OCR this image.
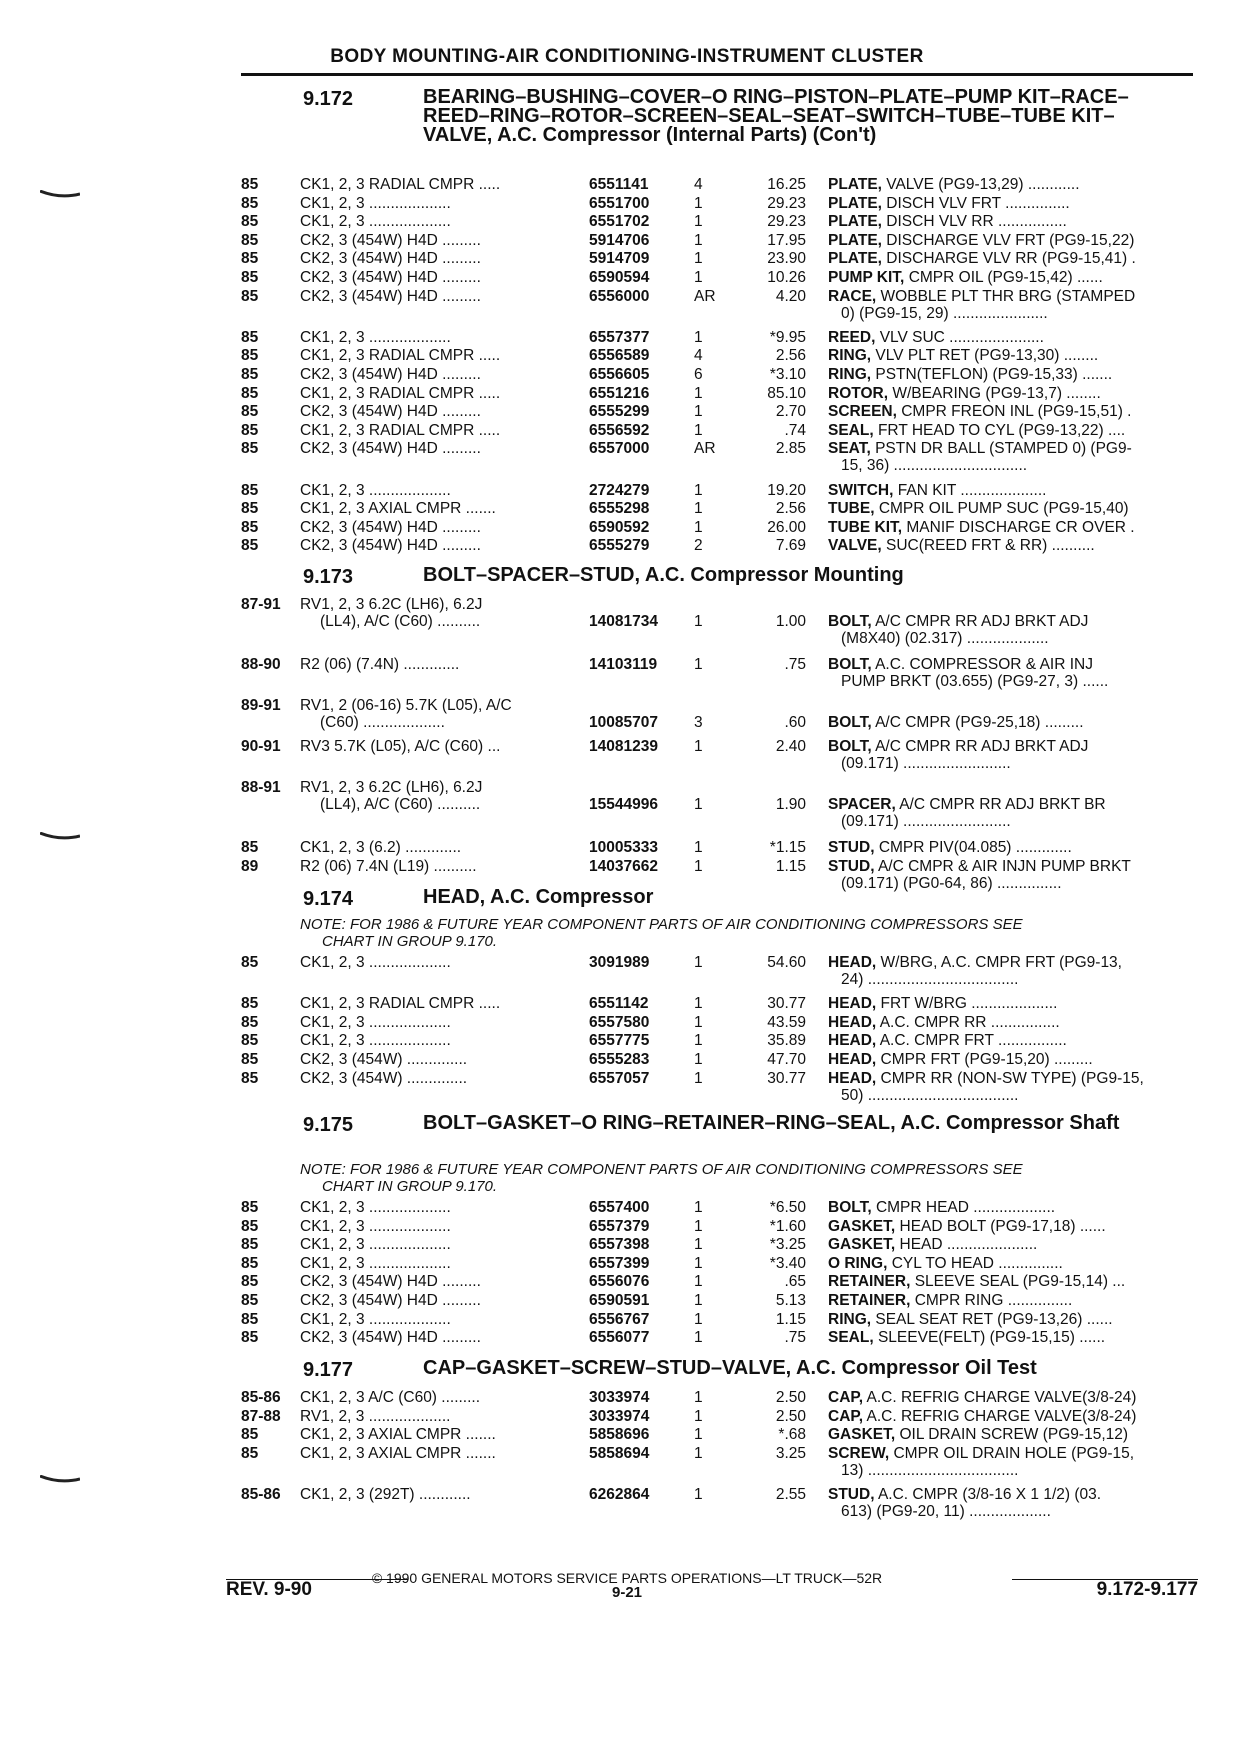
BODY MOUNTING-AIR CONDITIONING-INSTRUMENT CLUSTER
9.172	BEARING–BUSHING–COVER–O RING–PISTON–PLATE–PUMP KIT–RACE–REED–RING–ROTOR–SCREEN–SEAL–SEAT–SWITCH–TUBE–TUBE KIT–VALVE, A.C. Compressor (Internal Parts) (Con't)
85	CK1, 2, 3 RADIAL CMPR .....	6551141	4	16.25 PLATE, VALVE (PG9-13,29) ............
85	CK1, 2, 3 ...................	6551700	1	29.23 PLATE, DISCH VLV FRT ...............
85	CK1, 2, 3 ...................	6551702	1	29.23 PLATE, DISCH VLV RR ................
85	CK2, 3 (454W) H4D .........	5914706	1	17.95 PLATE, DISCHARGE VLV FRT (PG9-15,22)
85	CK2, 3 (454W) H4D .........	5914709	1	23.90 PLATE, DISCHARGE VLV RR (PG9-15,41) .
85	CK2, 3 (454W) H4D .........	6590594	1	10.26 PUMP KIT, CMPR OIL (PG9-15,42) ......
85	CK2, 3 (454W) H4D .........	6556000	AR	4.20 RACE, WOBBLE PLT THR BRG (STAMPED
0) (PG9-15, 29) ......................
85	CK1, 2, 3 ...................	6557377	1	*9.95 REED, VLV SUC ......................
85	CK1, 2, 3 RADIAL CMPR .....	6556589	4	2.56 RING, VLV PLT RET (PG9-13,30) ........
85	CK2, 3 (454W) H4D .........	6556605	6	*3.10 RING, PSTN(TEFLON) (PG9-15,33) .......
85	CK1, 2, 3 RADIAL CMPR .....	6551216	1	85.10 ROTOR, W/BEARING (PG9-13,7) ........
85	CK2, 3 (454W) H4D .........	6555299	1	2.70 SCREEN, CMPR FREON INL (PG9-15,51) .
85	CK1, 2, 3 RADIAL CMPR .....	6556592	1	.74 SEAL, FRT HEAD TO CYL (PG9-13,22) ....
85	CK2, 3 (454W) H4D .........	6557000	AR	2.85 SEAT, PSTN DR BALL (STAMPED 0) (PG9-
15, 36) ...............................
85	CK1, 2, 3 ...................	2724279	1	19.20 SWITCH, FAN KIT ....................
85	CK1, 2, 3 AXIAL CMPR .......	6555298	1	2.56 TUBE, CMPR OIL PUMP SUC (PG9-15,40)
85	CK2, 3 (454W) H4D .........	6590592	1	26.00 TUBE KIT, MANIF DISCHARGE CR OVER .
85	CK2, 3 (454W) H4D .........	6555279	2	7.69 VALVE, SUC(REED FRT & RR) ..........
9.173	BOLT–SPACER–STUD, A.C. Compressor Mounting
87-91 RV1, 2, 3 6.2C (LH6), 6.2J
(LL4), A/C (C60) ..........	14081734 1	1.00 BOLT, A/C CMPR RR ADJ BRKT ADJ
(M8X40) (02.317) ...................
88-90 R2 (06) (7.4N) .............	14103119 1	.75 BOLT, A.C. COMPRESSOR & AIR INJ
PUMP BRKT (03.655) (PG9-27, 3) ......
89-91 RV1, 2 (06-16) 5.7K (L05), A/C
(C60) ...................	10085707 3	.60 BOLT, A/C CMPR (PG9-25,18) .........
90-91 RV3 5.7K (L05), A/C (C60) ...	14081239 1	2.40 BOLT, A/C CMPR RR ADJ BRKT ADJ
(09.171) .........................
88-91 RV1, 2, 3 6.2C (LH6), 6.2J
(LL4), A/C (C60) ..........	15544996 1	1.90 SPACER, A/C CMPR RR ADJ BRKT BR
(09.171) .........................
85	CK1, 2, 3 (6.2) .............	10005333 1	*1.15 STUD, CMPR PIV(04.085) .............
89	R2 (06) 7.4N (L19) ..........	14037662 1	1.15 STUD, A/C CMPR & AIR INJN PUMP BRKT
(09.171) (PG0-64, 86) ...............
9.174	HEAD, A.C. Compressor
NOTE: FOR 1986 & FUTURE YEAR COMPONENT PARTS OF AIR CONDITIONING COMPRESSORS SEE
CHART IN GROUP 9.170.
85	CK1, 2, 3 ...................	3091989	1	54.60 HEAD, W/BRG, A.C. CMPR FRT (PG9-13,
24) ...................................
85	CK1, 2, 3 RADIAL CMPR .....	6551142	1	30.77 HEAD, FRT W/BRG ....................
85	CK1, 2, 3 ...................	6557580	1	43.59 HEAD, A.C. CMPR RR ................
85	CK1, 2, 3 ...................	6557775	1	35.89 HEAD, A.C. CMPR FRT ................
85	CK2, 3 (454W) ..............	6555283	1	47.70 HEAD, CMPR FRT (PG9-15,20) .........
85	CK2, 3 (454W) ..............	6557057	1	30.77 HEAD, CMPR RR (NON-SW TYPE) (PG9-15,
50) ...................................
9.175	BOLT–GASKET–O RING–RETAINER–RING–SEAL, A.C. Compressor Shaft
NOTE: FOR 1986 & FUTURE YEAR COMPONENT PARTS OF AIR CONDITIONING COMPRESSORS SEE
CHART IN GROUP 9.170.
85	CK1, 2, 3 ...................	6557400	1	*6.50 BOLT, CMPR HEAD ...................
85	CK1, 2, 3 ...................	6557379	1	*1.60 GASKET, HEAD BOLT (PG9-17,18) ......
85	CK1, 2, 3 ...................	6557398	1	*3.25 GASKET, HEAD .....................
85	CK1, 2, 3 ...................	6557399	1	*3.40 O RING, CYL TO HEAD ...............
85	CK2, 3 (454W) H4D .........	6556076	1	.65 RETAINER, SLEEVE SEAL (PG9-15,14) ...
85	CK2, 3 (454W) H4D .........	6590591	1	5.13 RETAINER, CMPR RING ...............
85	CK1, 2, 3 ...................	6556767	1	1.15 RING, SEAL SEAT RET (PG9-13,26) ......
85	CK2, 3 (454W) H4D .........	6556077	1	.75 SEAL, SLEEVE(FELT) (PG9-15,15) ......
9.177	CAP–GASKET–SCREW–STUD–VALVE, A.C. Compressor Oil Test
85-86 CK1, 2, 3 A/C (C60) .........	3033974	1	2.50 CAP, A.C. REFRIG CHARGE VALVE(3/8-24)
87-88 RV1, 2, 3 ...................	3033974	1	2.50 CAP, A.C. REFRIG CHARGE VALVE(3/8-24)
85	CK1, 2, 3 AXIAL CMPR .......	5858696	1	*.68 GASKET, OIL DRAIN SCREW (PG9-15,12)
85	CK1, 2, 3 AXIAL CMPR .......	5858694	1	3.25 SCREW, CMPR OIL DRAIN HOLE (PG9-15,
13) ...................................
85-86 CK1, 2, 3 (292T) ............	6262864	1	2.55 STUD, A.C. CMPR (3/8-16 X 1 1/2) (03.
613) (PG9-20, 11) ...................
© 1990 GENERAL MOTORS SERVICE PARTS OPERATIONS—LT TRUCK—52R
REV. 9-90	9-21	9.172-9.177
